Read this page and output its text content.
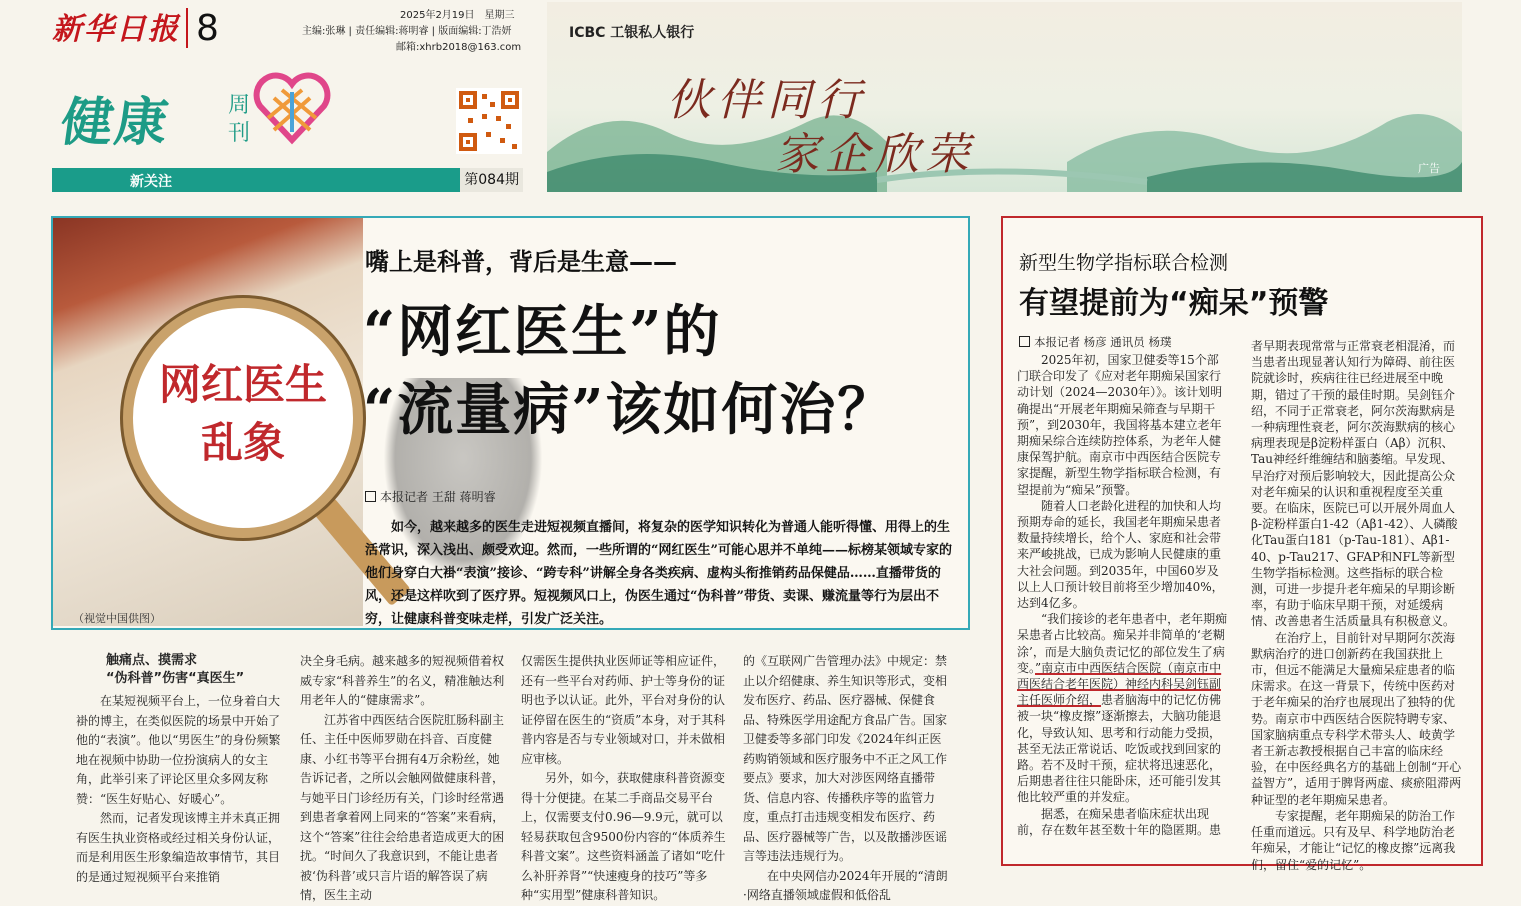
新华日报 8	2025年2月19日　星期三
主编:张琳 | 责任编辑:蒋明睿 | 版面编辑:丁浩妍
邮箱:xhrb2018@163.com
健康 周刊
新关注	第084期
ICBC 工银私人银行
伙伴同行
家企欣荣	广告
网红医生
乱象
（视觉中国供图）
嘴上是科普，背后是生意——
“网红医生”的
“流量病”该如何治？
本报记者 王甜 蒋明睿
如今，越来越多的医生走进短视频直播间，将复杂的医学知识转化为普通人能听得懂、用得上的生活常识，深入浅出、颇受欢迎。然而，一些所谓的“网红医生”可能心思并不单纯——标榜某领域专家的他们身穿白大褂“表演”接诊、“跨专科”讲解全身各类疾病、虚构头衔推销药品保健品……直播带货的风，还是这样吹到了医疗界。短视频风口上，伪医生通过“伪科普”带货、卖课、赚流量等行为层出不穷，让健康科普变味走样，引发广泛关注。

触痛点、摸需求

“伪科普”伤害“真医生”

在某短视频平台上，一位身着白大褂的博主，在类似医院的场景中开始了他的“表演”。他以“男医生”的身份频繁地在视频中协助一位扮演病人的女主角，此举引来了评论区里众多网友称赞：“医生好贴心、好暖心”。

然而，记者发现该博主并未真正拥有医生执业资格或经过相关身份认证，而是利用医生形象编造故事情节，其目的是通过短视频平台来推销

决全身毛病。越来越多的短视频借着权威专家“科普养生”的名义，精准触达利用老年人的“健康需求”。

江苏省中西医结合医院肛肠科副主任、主任中医师罗勋在抖音、百度健康、小红书等平台拥有4万余粉丝，她告诉记者，之所以会触网做健康科普，与她平日门诊经历有关，门诊时经常遇到患者拿着网上同来的“答案”来看病，这个“答案”往往会给患者造成更大的困扰。“时间久了我意识到，不能让患者被‘伪科普’或只言片语的解答误了病情，医生主动

仅需医生提供执业医师证等相应证件，还有一些平台对药师、护士等身份的证明也予以认证。此外，平台对身份的认证停留在医生的“资质”本身，对于其科普内容是否与专业领域对口，并未做相应审核。

另外，如今，获取健康科普资源变得十分便捷。在某二手商品交易平台上，仅需要支付0.96—9.9元，就可以轻易获取包含9500份内容的“体质养生科普文案”。这些资料涵盖了诸如“吃什么补肝养肾”“快速瘦身的技巧”等多种“实用型”健康科普知识。

的《互联网广告管理办法》中规定：禁止以介绍健康、养生知识等形式，变相发布医疗、药品、医疗器械、保健食品、特殊医学用途配方食品广告。国家卫健委等多部门印发《2024年纠正医药购销领域和医疗服务中不正之风工作要点》要求，加大对涉医网络直播带货、信息内容、传播秩序等的监管力度，重点打击违规变相发布医疗、药品、医疗器械等广告，以及散播涉医谣言等违法违规行为。

在中央网信办2024年开展的“清朗·网络直播领域虚假和低俗乱

新型生物学指标联合检测
有望提前为“痴呆”预警
本报记者 杨彦 通讯员 杨璞

2025年初，国家卫健委等15个部门联合印发了《应对老年期痴呆国家行动计划（2024—2030年）》。该计划明确提出“开展老年期痴呆筛查与早期干预”，到2030年，我国将基本建立老年期痴呆综合连续防控体系，为老年人健康保驾护航。南京市中西医结合医院专家提醒，新型生物学指标联合检测，有望提前为“痴呆”预警。

随着人口老龄化进程的加快和人均预期寿命的延长，我国老年期痴呆患者数量持续增长，给个人、家庭和社会带来严峻挑战，已成为影响人民健康的重大社会问题。到2035年，中国60岁及以上人口预计较目前将至少增加40%，达到4亿多。

“我们接诊的老年患者中，老年期痴呆患者占比较高。痴呆并非简单的‘老糊涂’，而是大脑负责记忆的部位发生了病变。”南京市中西医结合医院（南京市中西医结合老年医院）神经内科吴剑钰副主任医师介绍，患者脑海中的记忆仿佛被一块“橡皮擦”逐渐擦去，大脑功能退化，导致认知、思考和行动能力受损，甚至无法正常说话、吃饭或找到回家的路。若不及时干预，症状将迅速恶化，后期患者往往只能卧床，还可能引发其他比较严重的并发症。

据悉，在痴呆患者临床症状出现前，存在数年甚至数十年的隐匿期。患

者早期表现常常与正常衰老相混淆，而当患者出现显著认知行为障碍、前往医院就诊时，疾病往往已经进展至中晚期，错过了干预的最佳时期。吴剑钰介绍，不同于正常衰老，阿尔茨海默病是一种病理性衰老，阿尔茨海默病的核心病理表现是β淀粉样蛋白（Aβ）沉积、Tau神经纤维缠结和脑萎缩。早发现、早治疗对预后影响较大，因此提高公众对老年痴呆的认识和重视程度至关重要。在临床，医院已可以开展外周血人β-淀粉样蛋白1-42（Aβ1-42）、人磷酸化Tau蛋白181（p-Tau-181）、Aβ1-40、p-Tau217、GFAP和NFL等新型生物学指标检测。这些指标的联合检测，可进一步提升老年痴呆的早期诊断率，有助于临床早期干预，对延缓病情、改善患者生活质量具有积极意义。

在治疗上，目前针对早期阿尔茨海默病治疗的进口创新药在我国获批上市，但远不能满足大量痴呆症患者的临床需求。在这一背景下，传统中医药对于老年痴呆的治疗也展现出了独特的优势。南京市中西医结合医院特聘专家、国家脑病重点专科学术带头人、岐黄学者王新志教授根据自己丰富的临床经验，在中医经典名方的基础上创制“开心益智方”，适用于脾肾两虚、痰瘀阻滞两种证型的老年期痴呆患者。

专家提醒，老年期痴呆的防治工作任重而道远。只有及早、科学地防治老年痴呆，才能让“记忆的橡皮擦”远离我们，留住“爱的记忆”。
